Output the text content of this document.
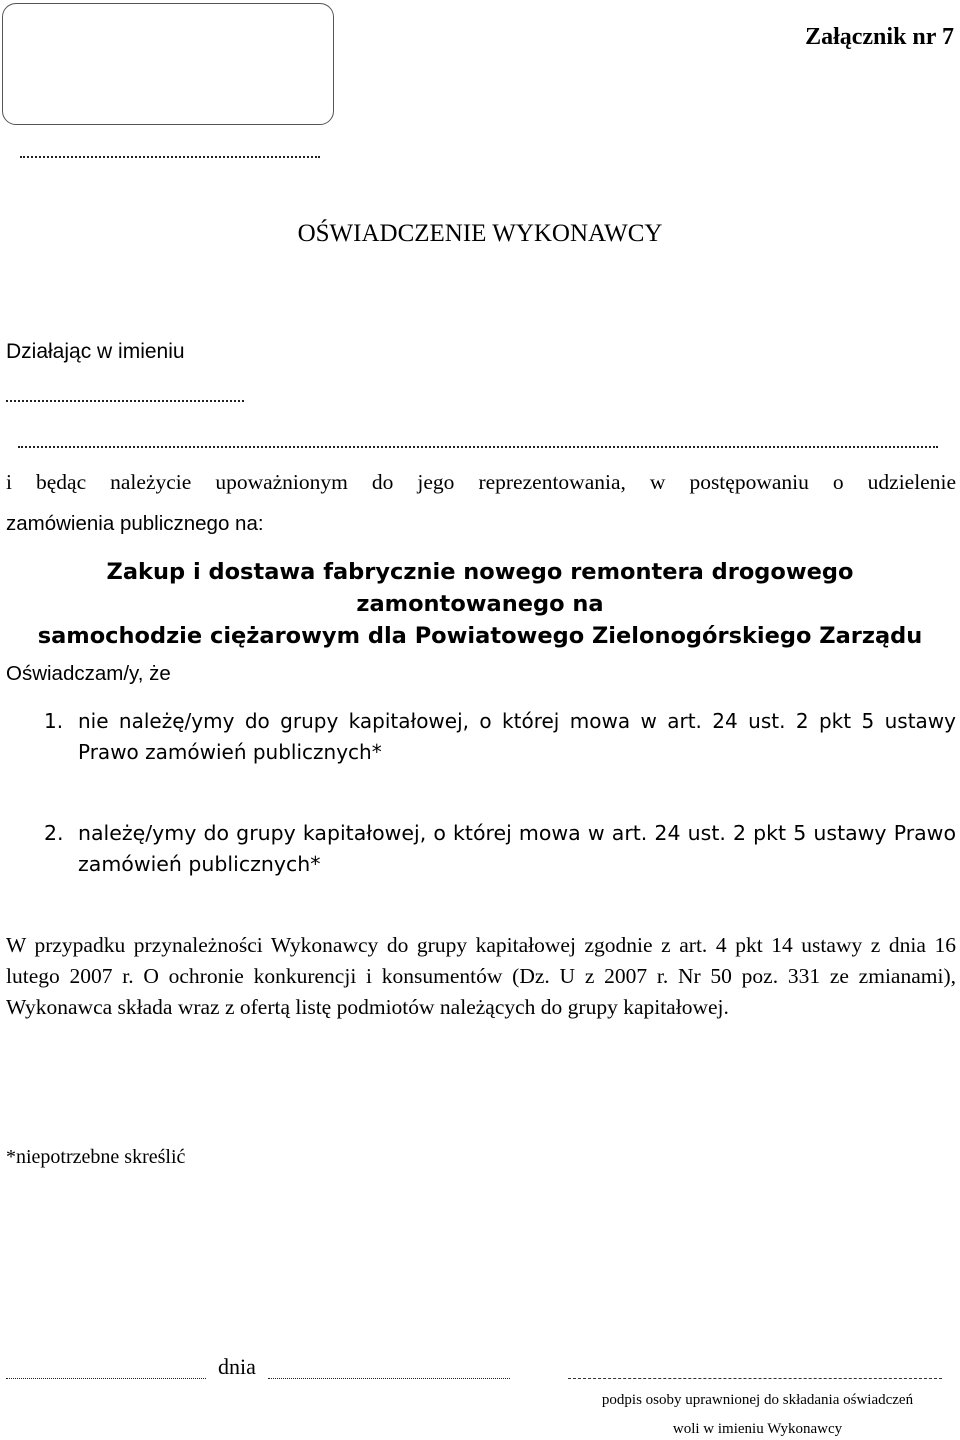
Załącznik nr 7
OŚWIADCZENIE WYKONAWCY
Działając w imieniu
i będąc należycie upoważnionym do jego reprezentowania, w postępowaniu o udzielenie
zamówienia publicznego na:
Zakup i dostawa fabrycznie nowego remontera drogowego zamontowanego na
samochodzie ciężarowym dla Powiatowego Zielonogórskiego Zarządu
Oświadczam/y, że
1. nie należę/ymy do grupy kapitałowej, o której mowa w art. 24 ust. 2 pkt 5 ustawy Prawo zamówień publicznych*
2. należę/ymy do grupy kapitałowej, o której mowa w art. 24 ust. 2 pkt 5 ustawy Prawo zamówień publicznych*
W przypadku przynależności Wykonawcy do grupy kapitałowej zgodnie z art. 4 pkt 14 ustawy z dnia 16 lutego 2007 r. O ochronie konkurencji i konsumentów (Dz. U z 2007 r. Nr 50 poz. 331 ze zmianami), Wykonawca składa wraz z ofertą listę podmiotów należących do grupy kapitałowej.
*niepotrzebne skreślić
dnia
podpis osoby uprawnionej do składania oświadczeń
woli w imieniu Wykonawcy
